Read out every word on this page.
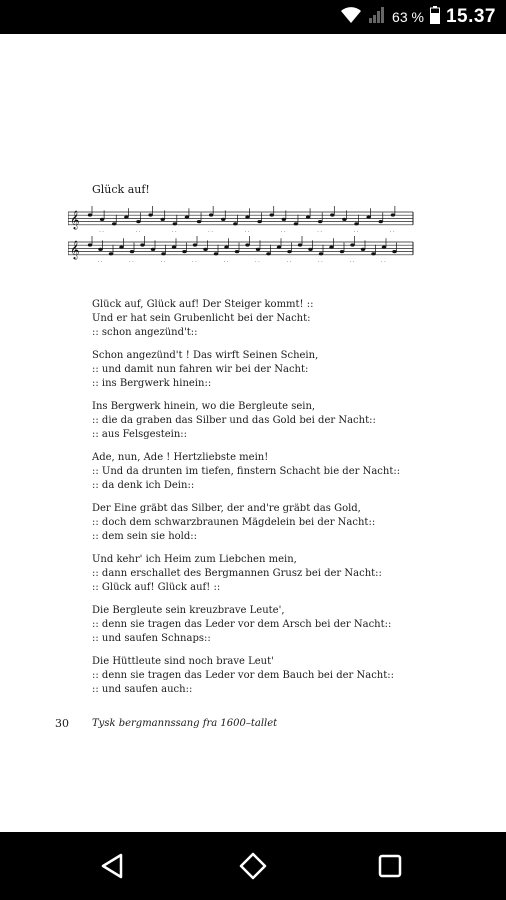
63 % 15.37
Glück auf!
𝄞
· ·	· ·	· ·	· ·	· ·	· ·	· ·	· ·	· ·
𝄞
· ·	· ·	· ·	· ·	· ·	· ·	· ·	· ·	· ·	· ·
Glück auf, Glück auf! Der Steiger kommt! ::
Und er hat sein Grubenlicht bei der Nacht:
:: schon angezünd't::
Schon angezünd't ! Das wirft Seinen Schein,
:: und damit nun fahren wir bei der Nacht:
:: ins Bergwerk hinein::
Ins Bergwerk hinein, wo die Bergleute sein,
:: die da graben das Silber und das Gold bei der Nacht::
:: aus Felsgestein::
Ade, nun, Ade ! Hertzliebste mein!
:: Und da drunten im tiefen, finstern Schacht bie der Nacht::
:: da denk ich Dein::
Der Eine gräbt das Silber, der and're gräbt das Gold,
:: doch dem schwarzbraunen Mägdelein bei der Nacht::
:: dem sein sie hold::
Und kehr' ich Heim zum Liebchen mein,
:: dann erschallet des Bergmannen Grusz bei der Nacht::
:: Glück auf! Glück auf! ::
Die Bergleute sein kreuzbrave Leute',
:: denn sie tragen das Leder vor dem Arsch bei der Nacht::
:: und saufen Schnaps::
Die Hüttleute sind noch brave Leut'
:: denn sie tragen das Leder vor dem Bauch bei der Nacht::
:: und saufen auch::
30 Tysk bergmannssang fra 1600–tallet
